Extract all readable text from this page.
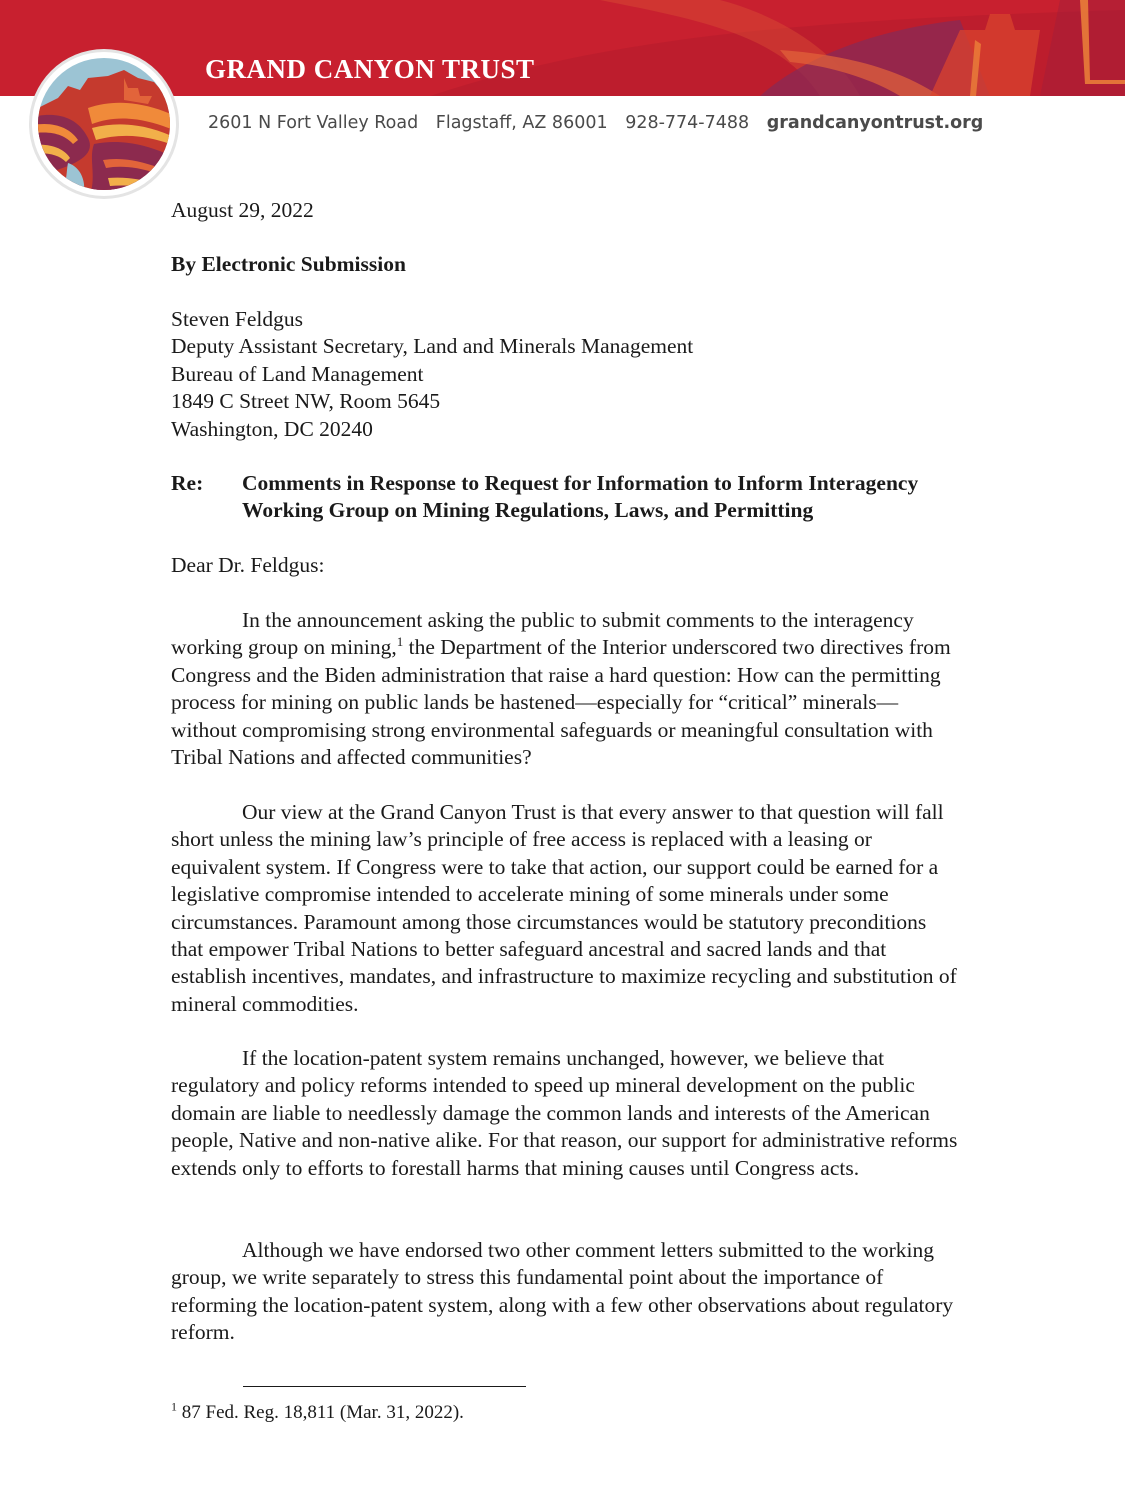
GRAND CANYON TRUST
2601 N Fort Valley Road Flagstaff, AZ 86001 928-774-7488 grandcanyontrust.org
August 29, 2022
By Electronic Submission
Steven Feldgus
Deputy Assistant Secretary, Land and Minerals Management
Bureau of Land Management
1849 C Street NW, Room 5645
Washington, DC 20240
Re: Comments in Response to Request for Information to Inform Interagency
Working Group on Mining Regulations, Laws, and Permitting
Dear Dr. Feldgus:

In the announcement asking the public to submit comments to the interagency working group on mining,$^1$ the Department of the Interior underscored two directives from Congress and the Biden administration that raise a hard question: How can the permitting process for mining on public lands be hastened—especially for “critical” minerals—without compromising strong environmental safeguards or meaningful consultation with Tribal Nations and affected communities?

Our view at the Grand Canyon Trust is that every answer to that question will fall short unless the mining law’s principle of free access is replaced with a leasing or equivalent system. If Congress were to take that action, our support could be earned for a legislative compromise intended to accelerate mining of some minerals under some circumstances. Paramount among those circumstances would be statutory preconditions that empower Tribal Nations to better safeguard ancestral and sacred lands and that establish incentives, mandates, and infrastructure to maximize recycling and substitution of mineral commodities.

If the location-patent system remains unchanged, however, we believe that regulatory and policy reforms intended to speed up mineral development on the public domain are liable to needlessly damage the common lands and interests of the American people, Native and non-native alike. For that reason, our support for administrative reforms extends only to efforts to forestall harms that mining causes until Congress acts.

Although we have endorsed two other comment letters submitted to the working group, we write separately to stress this fundamental point about the importance of reforming the location-patent system, along with a few other observations about regulatory reform.

$^1$ 87 Fed. Reg. 18,811 (Mar. 31, 2022).
